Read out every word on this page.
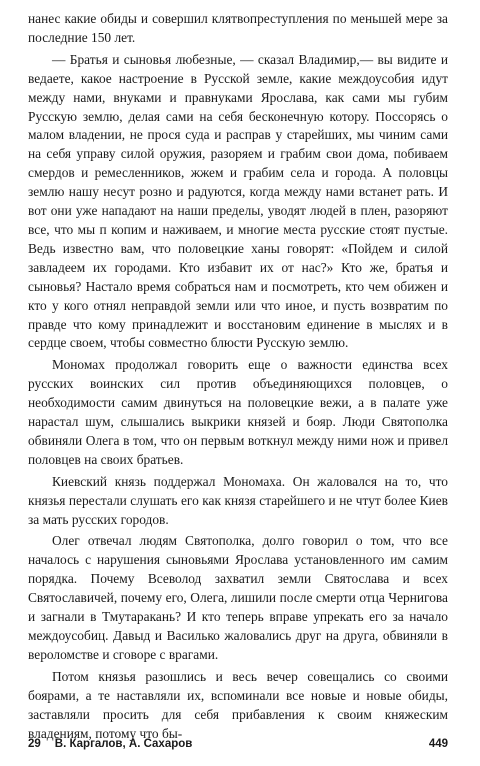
нанес какие обиды и совершил клятвопреступления по меньшей мере за последние 150 лет.

— Братья и сыновья любезные, — сказал Владимир,— вы видите и ведаете, какое настроение в Русской земле, какие междоусобия идут между нами, внуками и правнуками Ярослава, как сами мы губим Русскую землю, делая сами на себя бесконечную котору. Поссорясь о малом владении, не прося суда и расправ у старейших, мы чиним сами на себя управу силой оружия, разоряем и грабим свои дома, побиваем смердов и ремесленников, жжем и грабим села и города. А половцы землю нашу несут розно и радуются, когда между нами встанет рать. И вот они уже нападают на наши пределы, уводят людей в плен, разоряют все, что мы п копим и наживаем, и многие места русские стоят пустые. Ведь известно вам, что половецкие ханы говорят: «Пойдем и силой завладеем их городами. Кто избавит их от нас?» Кто же, братья и сыновья? Настало время собраться нам и посмотреть, кто чем обижен и кто у кого отнял неправдой земли или что иное, и пусть возвратим по правде что кому принадлежит и восстановим единение в мыслях и в сердце своем, чтобы совместно блюсти Русскую землю.

Мономах продолжал говорить еще о важности единства всех русских воинских сил против объединяющихся половцев, о необходимости самим двинуться на половецкие вежи, а в палате уже нарастал шум, слышались выкрики князей и бояр. Люди Святополка обвиняли Олега в том, что он первым воткнул между ними нож и привел половцев на своих братьев.

Киевский князь поддержал Мономаха. Он жаловался на то, что князья перестали слушать его как князя старейшего и не чтут более Киев за мать русских городов.

Олег отвечал людям Святополка, долго говорил о том, что все началось с нарушения сыновьями Ярослава установленного им самим порядка. Почему Всеволод захватил земли Святослава и всех Святославичей, почему его, Олега, лишили после смерти отца Чернигова и загнали в Тмутаракань? И кто теперь вправе упрекать его за начало междоусобиц. Давыд и Василько жаловались друг на друга, обвиняли в вероломстве и сговоре с врагами.

Потом князья разошлись и весь вечер совещались со своими боярами, а те наставляли их, вспоминали все новые и новые обиды, заставляли просить для себя прибавления к своим княжеским владениям, потому что бы-

29 В. Каргалов, А. Сахаров	449
